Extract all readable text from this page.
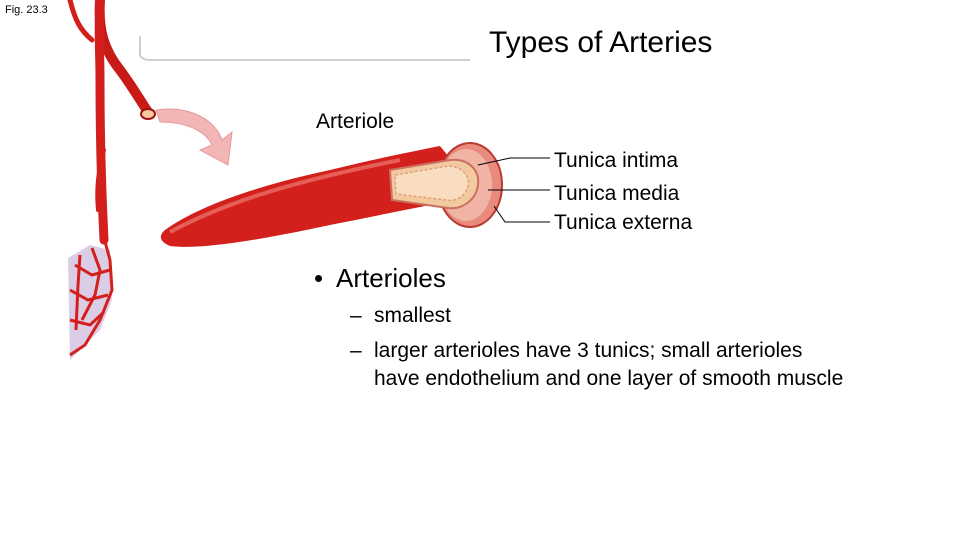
Fig. 23.3
Types of Arteries
Arteriole
Tunica intima
Tunica media
Tunica externa
• Arterioles
– smallest
– larger arterioles have 3 tunics; small arterioles
have endothelium and one layer of smooth muscle
